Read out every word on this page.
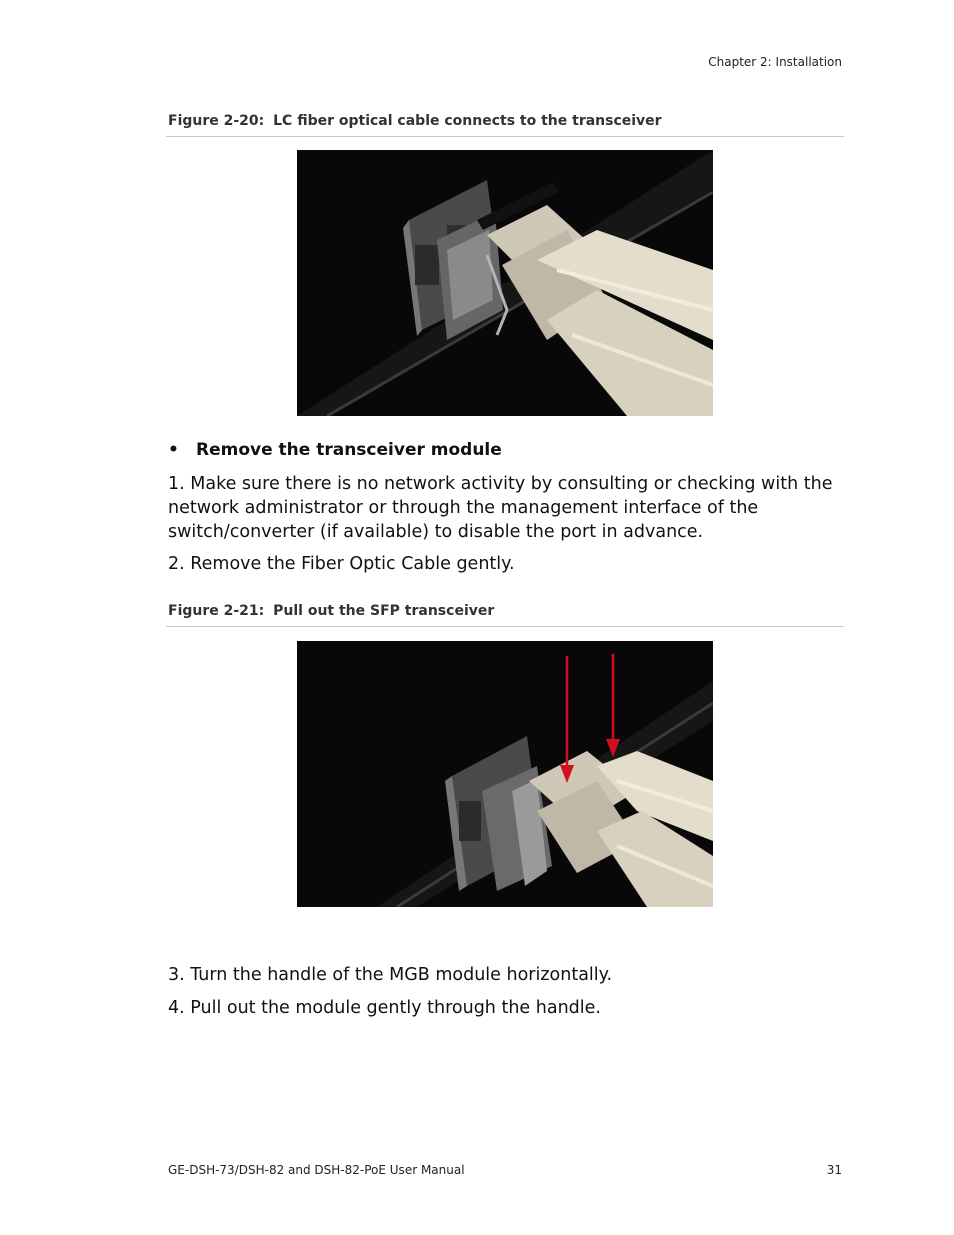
Chapter 2: Installation
Figure 2-20: LC fiber optical cable connects to the transceiver
• Remove the transceiver module
1. Make sure there is no network activity by consulting or checking with the network administrator or through the management interface of the switch/converter (if available) to disable the port in advance.
2. Remove the Fiber Optic Cable gently.
Figure 2-21: Pull out the SFP transceiver
3. Turn the handle of the MGB module horizontally.
4. Pull out the module gently through the handle.
GE-DSH-73/DSH-82 and DSH-82-PoE User Manual	31
